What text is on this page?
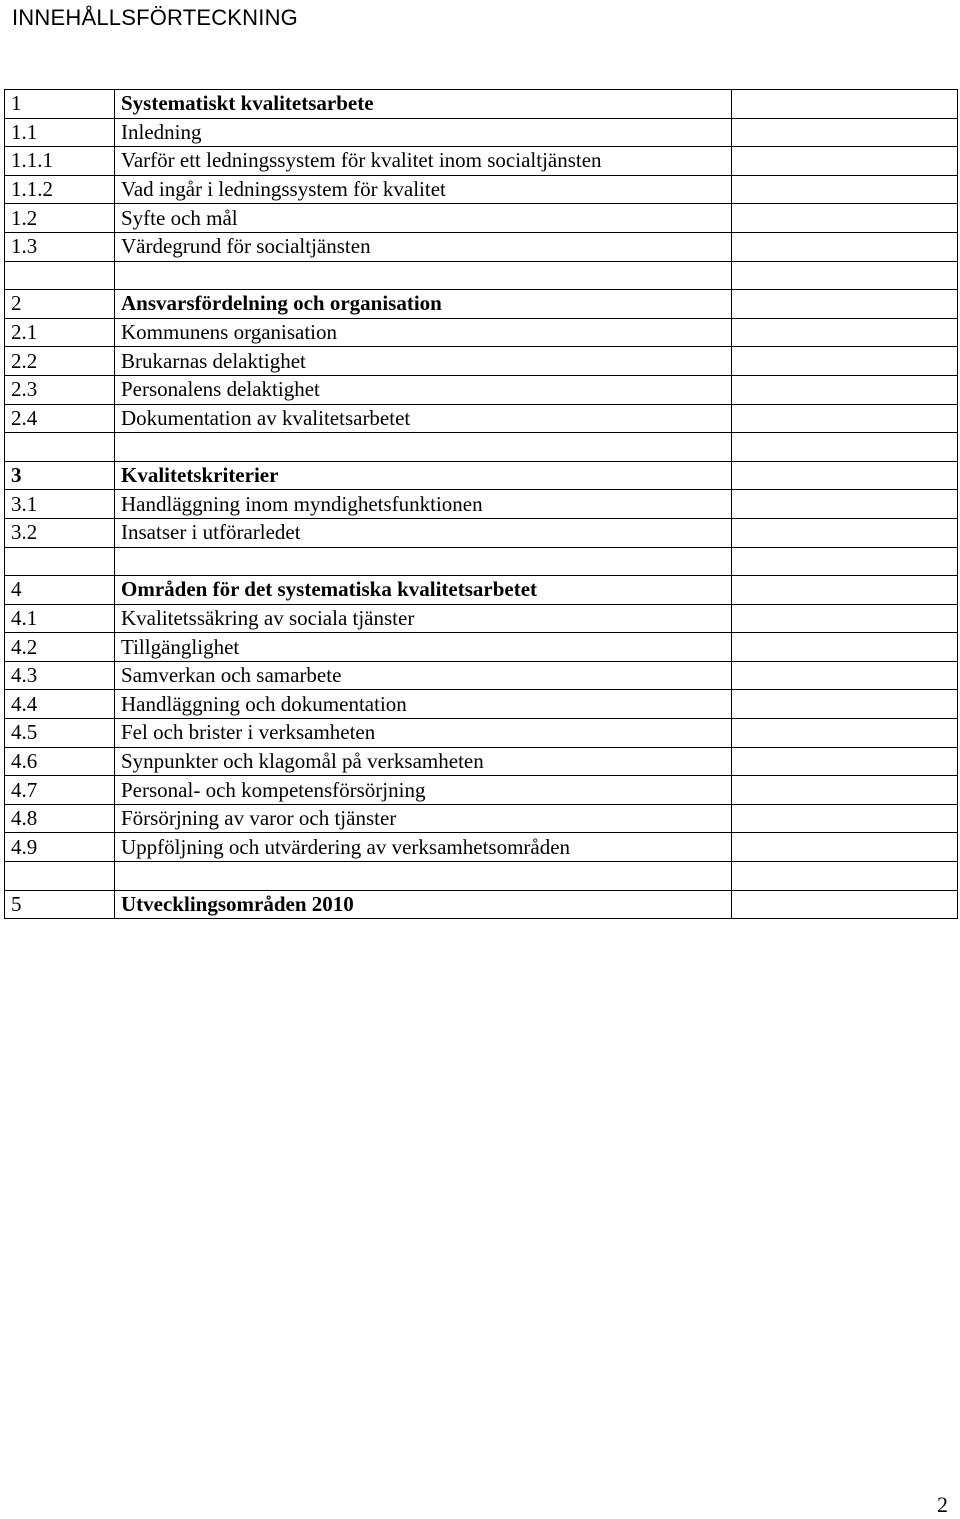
INNEHÅLLSFÖRTECKNING
1	Systematiskt kvalitetsarbete	
1.1	Inledning	
1.1.1	Varför ett ledningssystem för kvalitet inom socialtjänsten	
1.1.2	Vad ingår i ledningssystem för kvalitet	
1.2	Syfte och mål	
1.3	Värdegrund för socialtjänsten	

2	Ansvarsfördelning och organisation	
2.1	Kommunens organisation	
2.2	Brukarnas delaktighet	
2.3	Personalens delaktighet	
2.4	Dokumentation av kvalitetsarbetet	

3	Kvalitetskriterier	
3.1	Handläggning inom myndighetsfunktionen	
3.2	Insatser i utförarledet	

4	Områden för det systematiska kvalitetsarbetet	
4.1	Kvalitetssäkring av sociala tjänster	
4.2	Tillgänglighet	
4.3	Samverkan och samarbete	
4.4	Handläggning och dokumentation	
4.5	Fel och brister i verksamheten	
4.6	Synpunkter och klagomål på verksamheten	
4.7	Personal- och kompetensförsörjning	
4.8	Försörjning av varor och tjänster	
4.9	Uppföljning och utvärdering av verksamhetsområden	

5	Utvecklingsområden 2010	
2
